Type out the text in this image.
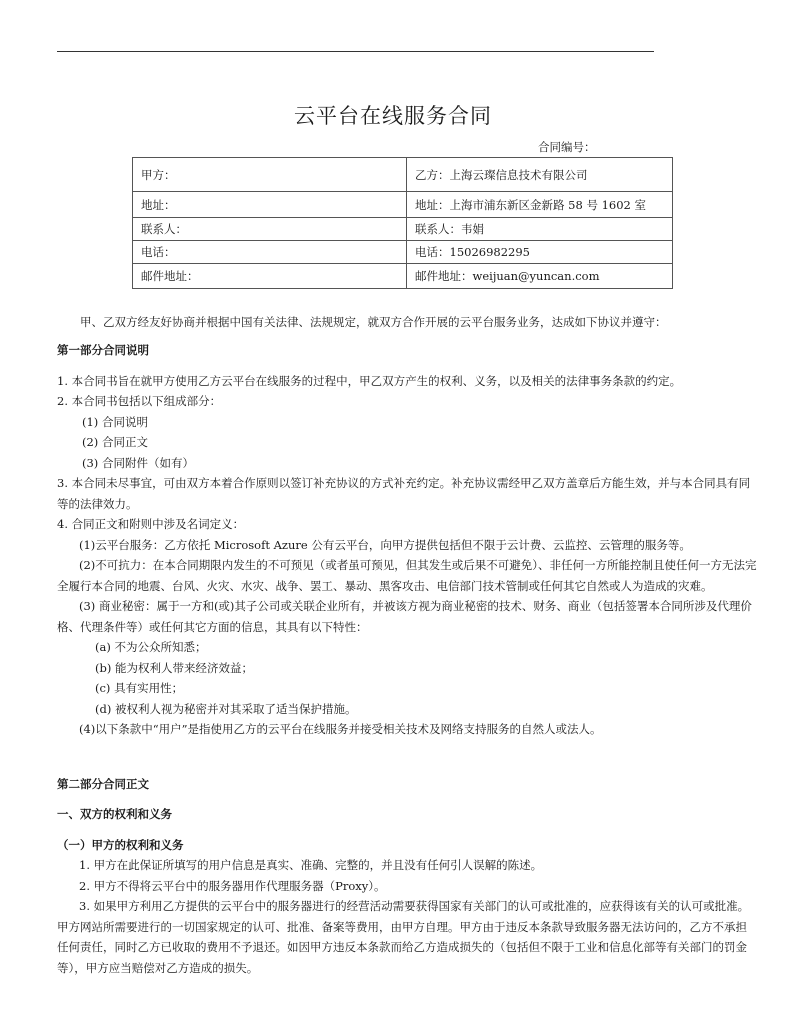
云平台在线服务合同
合同编号：
甲方：	乙方：上海云璨信息技术有限公司
地址：	地址：上海市浦东新区金新路 58 号 1602 室
联系人：	联系人：韦娟
电话：	电话：15026982295
邮件地址：	邮件地址：weijuan@yuncan.com
甲、乙双方经友好协商并根据中国有关法律、法规规定，就双方合作开展的云平台服务业务，达成如下协议并遵守：
第一部分合同说明
1. 本合同书旨在就甲方使用乙方云平台在线服务的过程中，甲乙双方产生的权利、义务，以及相关的法律事务条款的约定。
2. 本合同书包括以下组成部分：
(1) 合同说明
(2) 合同正文
(3) 合同附件（如有）
3. 本合同未尽事宜，可由双方本着合作原则以签订补充协议的方式补充约定。补充协议需经甲乙双方盖章后方能生效，并与本合同具有同等的法律效力。
4. 合同正文和附则中涉及名词定义：
(1)云平台服务：乙方依托 Microsoft Azure 公有云平台，向甲方提供包括但不限于云计费、云监控、云管理的服务等。
(2)不可抗力：在本合同期限内发生的不可预见（或者虽可预见，但其发生或后果不可避免）、非任何一方所能控制且使任何一方无法完全履行本合同的地震、台风、火灾、水灾、战争、罢工、暴动、黑客攻击、电信部门技术管制或任何其它自然或人为造成的灾难。
(3) 商业秘密：属于一方和(或)其子公司或关联企业所有，并被该方视为商业秘密的技术、财务、商业（包括签署本合同所涉及代理价格、代理条件等）或任何其它方面的信息，其具有以下特性：
(a) 不为公众所知悉；
(b) 能为权利人带来经济效益；
(c) 具有实用性；
(d) 被权利人视为秘密并对其采取了适当保护措施。
(4)以下条款中“用户”是指使用乙方的云平台在线服务并接受相关技术及网络支持服务的自然人或法人。
第二部分合同正文
一、双方的权利和义务
（一）甲方的权利和义务
1. 甲方在此保证所填写的用户信息是真实、准确、完整的，并且没有任何引人误解的陈述。
2. 甲方不得将云平台中的服务器用作代理服务器（Proxy）。
3. 如果甲方利用乙方提供的云平台中的服务器进行的经营活动需要获得国家有关部门的认可或批准的，应获得该有关的认可或批准。甲方网站所需要进行的一切国家规定的认可、批准、备案等费用，由甲方自理。甲方由于违反本条款导致服务器无法访问的，乙方不承担任何责任，同时乙方已收取的费用不予退还。如因甲方违反本条款而给乙方造成损失的（包括但不限于工业和信息化部等有关部门的罚金等），甲方应当赔偿对乙方造成的损失。
